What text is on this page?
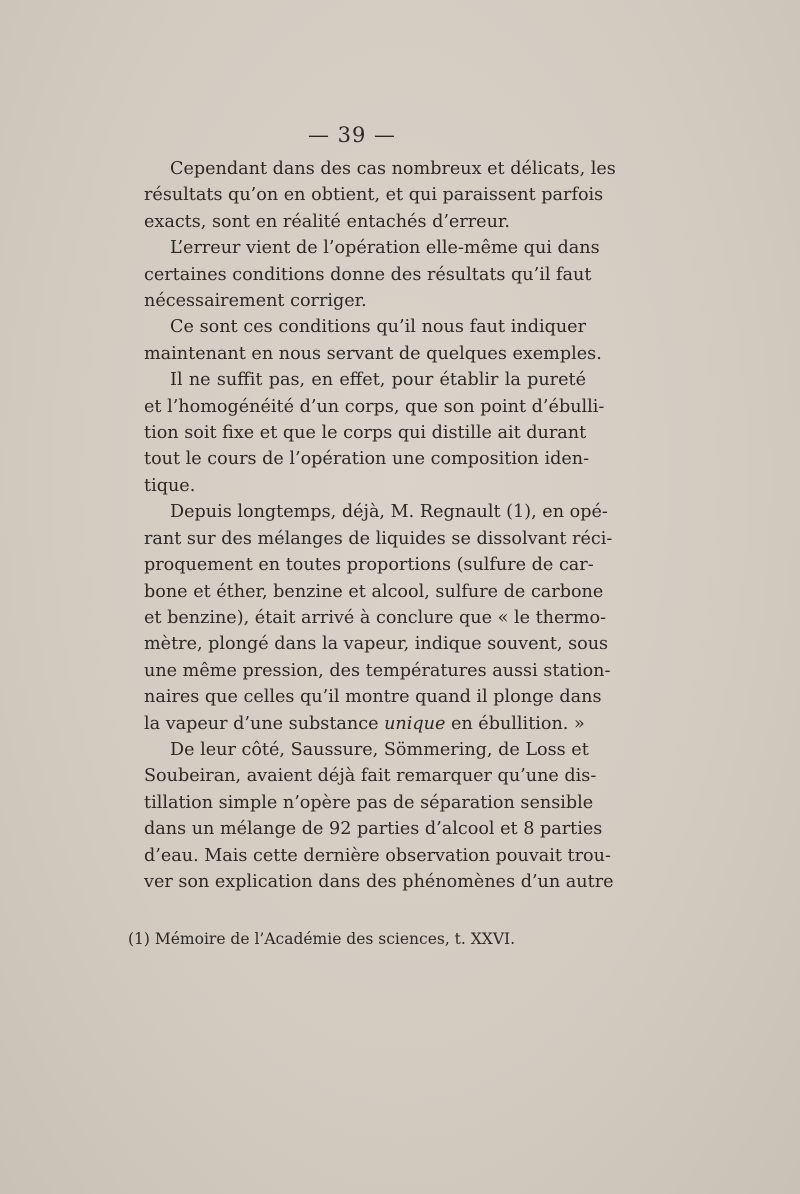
— 39 —

Cependant dans des cas nombreux et délicats, les
résultats qu’on en obtient, et qui paraissent parfois
exacts, sont en réalité entachés d’erreur.

L’erreur vient de l’opération elle-même qui dans
certaines conditions donne des résultats qu’il faut
nécessairement corriger.

Ce sont ces conditions qu’il nous faut indiquer
maintenant en nous servant de quelques exemples.

Il ne suffit pas, en effet, pour établir la pureté
et l’homogénéité d’un corps, que son point d’ébulli-
tion soit fixe et que le corps qui distille ait durant
tout le cours de l’opération une composition iden-
tique.

Depuis longtemps, déjà, M. Regnault (1), en opé-
rant sur des mélanges de liquides se dissolvant réci-
proquement en toutes proportions (sulfure de car-
bone et éther, benzine et alcool, sulfure de carbone
et benzine), était arrivé à conclure que « le thermo-
mètre, plongé dans la vapeur, indique souvent, sous
une même pression, des températures aussi station-
naires que celles qu’il montre quand il plonge dans
la vapeur d’une substance unique en ébullition. »

De leur côté, Saussure, Sömmering, de Loss et
Soubeiran, avaient déjà fait remarquer qu’une dis-
tillation simple n’opère pas de séparation sensible
dans un mélange de 92 parties d’alcool et 8 parties
d’eau. Mais cette dernière observation pouvait trou-
ver son explication dans des phénomènes d’un autre

(1) Mémoire de l’Académie des sciences, t. XXVI.
